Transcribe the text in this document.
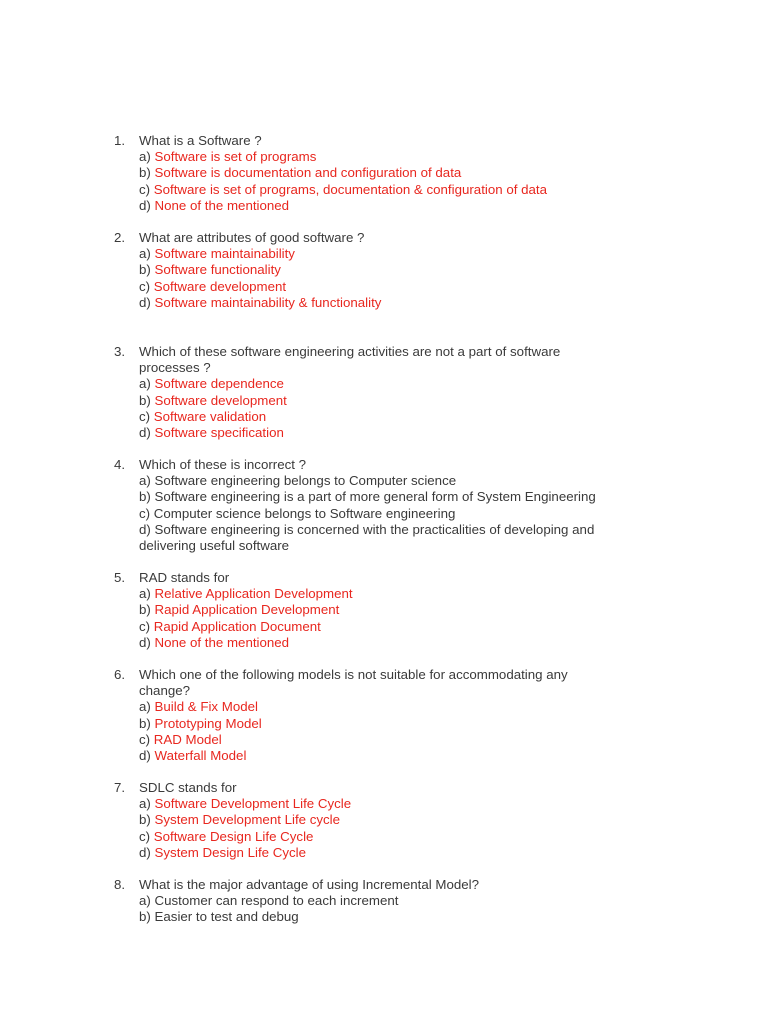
1.	What is a Software ?
a) Software is set of programs
b) Software is documentation and configuration of data
c) Software is set of programs, documentation & configuration of data
d) None of the mentioned
2.	What are attributes of good software ?
a) Software maintainability
b) Software functionality
c) Software development
d) Software maintainability & functionality
3.	Which of these software engineering activities are not a part of software
processes ?
a) Software dependence
b) Software development
c) Software validation
d) Software specification
4.	Which of these is incorrect ?
a) Software engineering belongs to Computer science
b) Software engineering is a part of more general form of System Engineering
c) Computer science belongs to Software engineering
d) Software engineering is concerned with the practicalities of developing and
delivering useful software
5.	RAD stands for
a) Relative Application Development
b) Rapid Application Development
c) Rapid Application Document
d) None of the mentioned
6.	Which one of the following models is not suitable for accommodating any
change?
a) Build & Fix Model
b) Prototyping Model
c) RAD Model
d) Waterfall Model
7.	SDLC stands for
a) Software Development Life Cycle
b) System Development Life cycle
c) Software Design Life Cycle
d) System Design Life Cycle
8.	What is the major advantage of using Incremental Model?
a) Customer can respond to each increment
b) Easier to test and debug
